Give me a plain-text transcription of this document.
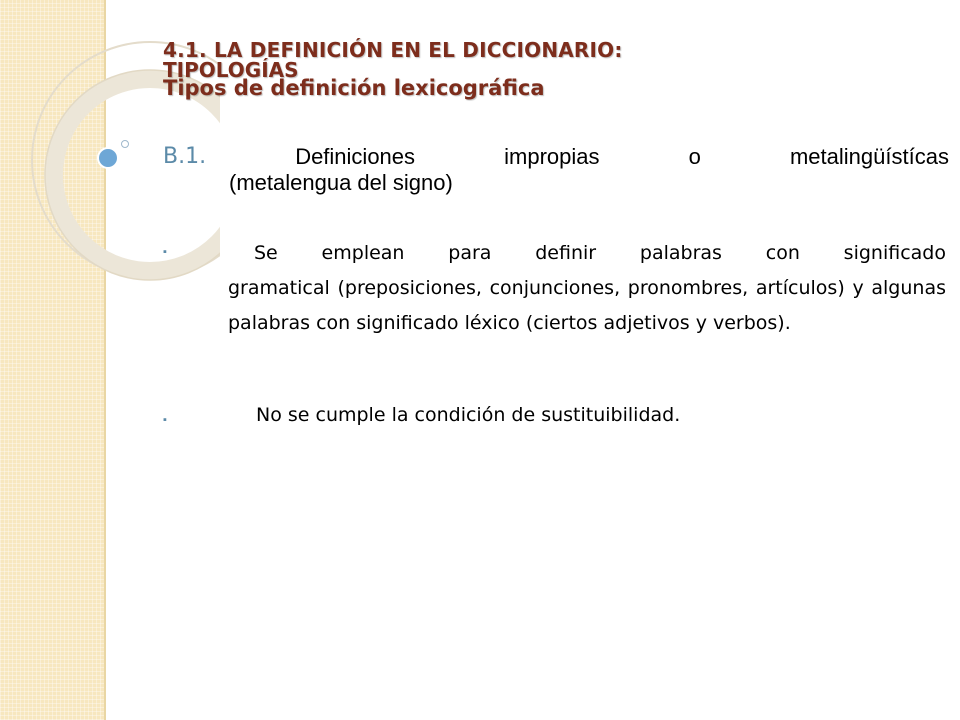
4.1. LA DEFINICIÓN EN EL DICCIONARIO:
TIPOLOGÍAS
Tipos de definición lexicográfica
B.1.	Definiciones	impropias	o	metalingüístícas
(metalengua del signo)
▪	Se emplean para definir palabras con significado
gramatical (preposiciones, conjunciones, pronombres, artículos) y algunas palabras con significado léxico (ciertos adjetivos y verbos).
▪	No se cumple la condición de sustituibilidad.
